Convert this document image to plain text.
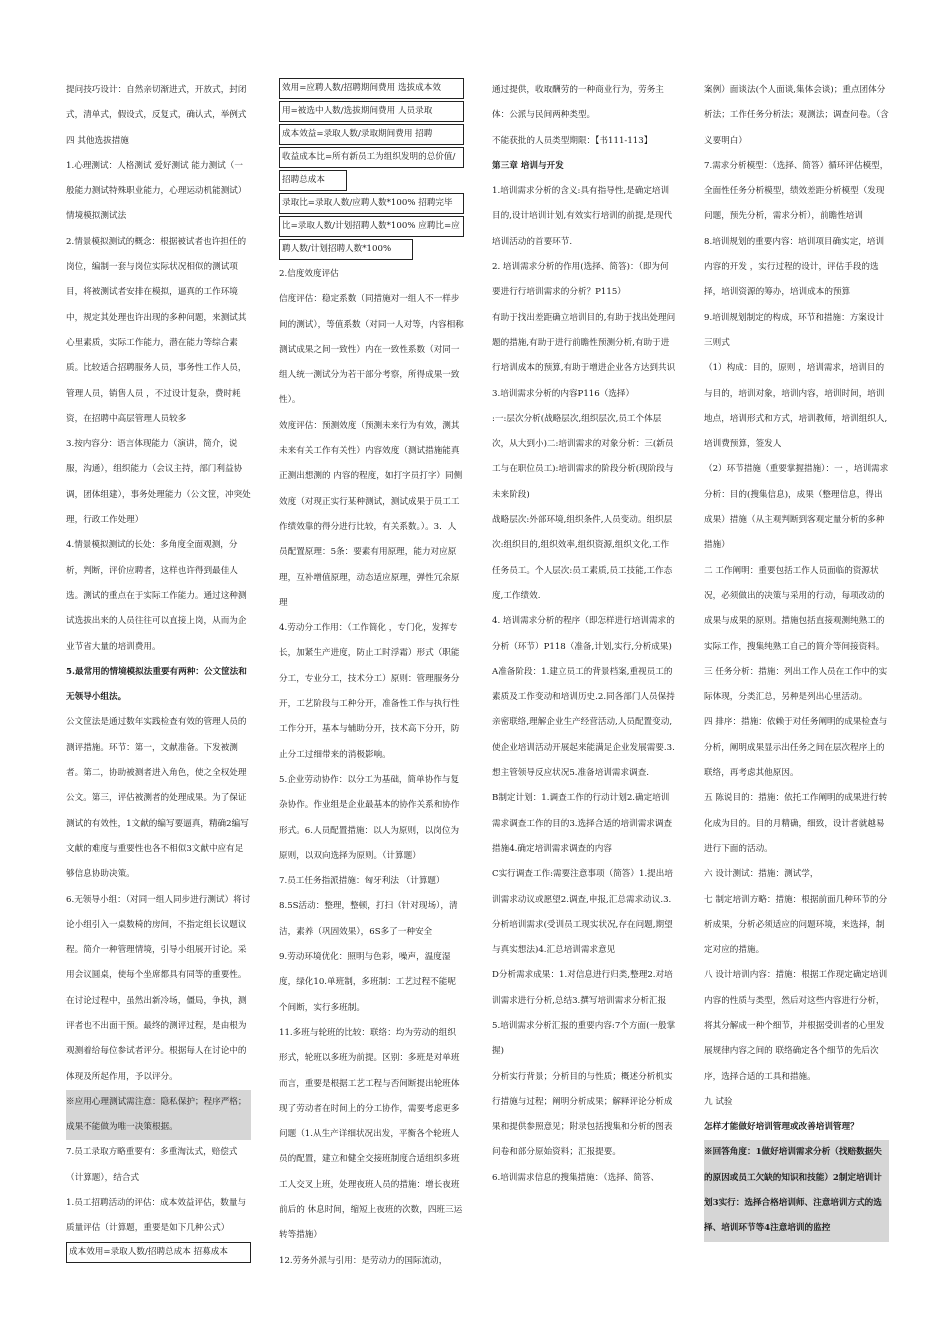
提问技巧设计：自然亲切渐进式，开放式，封闭式，清单式，假设式，反复式，确认式，举例式

四 其他选拔措施

1.心理测试：人格测试 爱好测试 能力测试（一般能力测试特殊职业能力，心理运动机能测试） 情境模拟测试法

2.情景模拟测试的概念：根据被试者也许担任的岗位，编制一套与岗位实际状况相似的测试项目，将被测试者安排在模拟，逼真的工作环境中，规定其处理也许出现的多种问题，来测试其心里素质，实际工作能力，潜在能力等综合素质。比较适合招聘服务人员，事务性工作人员，管理人员，销售人员 ，不过设计复杂，费时耗资，在招聘中高层管理人员较多

3.按内容分：语言体现能力（演讲，简介，说服，沟通），组织能力（会议主持，部门利益协调，团体组建），事务处理能力（公文筐，冲突处理，行政工作处理）

4.情景模拟测试的长处：多角度全面观测，分析，判断，评价应聘者，这样也许得到最佳人选。测试的重点在于实际工作能力。通过这种测试选拔出来的人员往往可以直接上岗，从而为企业节省大量的培训费用。

5.最常用的情境模拟法重要有两种：公文筐法和无领导小组法。

公文筐法是通过数年实践检查有效的管理人员的测评措施。环节：第一，文献准备。下发被测者。第二，协助被测者进入角色，使之全权处理公文。第三，评估被测者的处理成果。为了保证测试的有效性，1文献的编写要逼真，精确2编写文献的难度与重要性也各不相似3文献中应有足够信息协助决策。

6.无领导小组：（对同一组人同步进行测试）将讨论小组引入一桌数椅的房间，不指定组长议题议程。简介一种管理情境，引导小组展开讨论。采用会议圆桌，使每个坐席都具有同等的重要性。在讨论过程中，虽然出新冷场，僵局，争执，测评者也不出面干预。最终的测评过程，是由根为观测着给每位参试者评分。根据每人在讨论中的体现及所起作用，予以评分。

※应用心理测试需注意：隐私保护；程序严格；成果不能做为唯一决策根据。

7.员工录取方略重要有：多重淘汰式，赔偿式（计算题），结合式

1.员工招聘活动的评估：成本效益评估，数量与质量评估（计算题，重要是如下几种公式）

成本效用=录取人数/招聘总成本 招募成本
效用=应聘人数/招聘期间费用 选拔成本效
用=被选中人数/选拔期间费用 人员录取
成本效益=录取人数/录取期间费用 招聘
收益成本比=所有新员工为组织发明的总价值/
招聘总成本
录取比=录取人数/应聘人数*100% 招聘完毕
比=录取人数/计划招聘人数*100% 应聘比=应
聘人数/计划招聘人数*100%

2.信度效度评估

信度评估：稳定系数（同措施对一组人不一样步间的测试），等值系数（对同一人对等，内容相称测试成果之间一致性）内在一致性系数（对同一组人统一测试分为若干部分考察，所得成果一致性）。

效度评估：预测效度（预测未来行为有效，测其未来有关工作有关性）内容效度（测试措施能真正测出想测的 内容的程度，如打字员打字）同侧效度（对现正实行某种测试，测试成果于员工工作绩效靠的得分进行比较，有关系数。）。3．人员配置原理：5条：要素有用原理，能力对应原理，互补增值原理，动态适应原理，弹性冗余原理

4.劳动分工作用：（工作简化 ，专门化，发挥专长，加紧生产进度，防止工时浮霜）形式（职能分工，专业分工，技术分工）原则：管理服务分开，工艺阶段与工种分开，准备性工作与执行性工作分开，基本与辅助分开，技术高下分开，防止分工过细带来的消极影响。

5.企业劳动协作：以分工为基础，简单协作与复杂协作。作业组是企业最基本的协作关系和协作形式。6.人员配置措施：以人为原则，以岗位为原则，以双向选择为原则。（计算题）

7.员工任务指派措施：匈牙利法 （计算题）

8.5S活动：整理，整顿，打扫（针对现场），清洁，素养（巩固效果），6S多了一种安全

9.劳动环境优化：照明与色彩，噪声，温度湿度，绿化10.单班制，多班制：工艺过程不能呢个间断，实行多班制。

11.多班与轮班的比较：联络：均为劳动的组织形式，轮班以多班为前提。区别：多班是对单班而言，重要是根据工艺工程与否间断提出轮班体现了劳动者在时间上的分工协作，需要考虑更多问题（1.从生产详细状况出发，平衡各个轮班人员的配置，建立和健全交接班制度合适组织多班工人交叉上班，处理夜班人员的措施：增长夜班前后的 休息时间，缩短上夜班的次数，四班三运转等措施）

12.劳务外派与引用：是劳动力的国际流动，

通过提供，收取酬劳的一种商业行为，劳务主体：公派与民间两种类型。

不能获批的人员类型期限：【书111-113】

第三章 培训与开发

1.培训需求分析的含义:具有指导性,是确定培训目的,设计培训计划,有效实行培训的前提,是现代培训活动的首要环节.

2. 培训需求分析的作用(选择、简答)：（即为何要进行行培训需求的分析？P115）

有助于找出差距确立培训目的,有助于找出处理问题的措施,有助于进行前瞻性预测分析,有助于进行培训成本的预算,有助于增进企业各方达到共识

3.培训需求分析的内容P116（选择）

:一:层次分析(战略层次,组织层次,员工个体层次，从大到小)二:培训需求的对象分析：三(新员工与在职位员工):培训需求的阶段分析(现阶段与未来阶段)

战略层次:外部环境,组织条件,人员变动。组织层次:组织目的,组织效率,组织资源,组织文化,工作任务员工。个人层次:员工素质,员工技能,工作态度,工作绩效.

4. 培训需求分析的程序（即怎样进行培训需求的分析（环节）P118（准备,计划,实行,分析成果)

A准备阶段：1.建立员工的背景档案,重视员工的素质及工作变动和培训历史.2.同各部门人员保持亲密联络,理解企业生产经营活动,人员配置变动,使企业培训活动开展起来能满足企业发展需要.3.想主管领导反应状况5.准备培训需求调查.

B制定计划：1.调查工作的行动计划2.确定培训需求调查工作的目的3.选择合适的培训需求调查措施4.确定培训需求调查的内容

C实行调查工作:需要注意事项（简答）1.提出培训需求动议或愿望2.调查,申报,汇总需求动议.3.分析培训需求(受训员工现实状况,存在问题,期望与真实想法)4.汇总培训需求意见

D分析需求成果：1.对信息进行归类,整理2.对培训需求进行分析,总结3.撰写培训需求分析汇报

5.培训需求分析汇报的重要内容:7个方面(一般掌握)

分析实行背景；分析目的与性质；概述分析机实行措施与过程；阐明分析成果；解释评论分析成果和提供参照意见；附录包括搜集和分析的图表问卷和部分原始资料；汇报提要。

6.培训需求信息的搜集措施：（选择、简答、

案例）面谈法(个人面谈,集体会谈)；重点团体分析法；工作任务分析法；观测法；调查问卷。（含义要明白）

7.需求分析模型：（选择、简答）循环评估模型，全面性任务分析模型，绩效差距分析模型（发现问题，预先分析，需求分析），前瞻性培训

8.培训规划的重要内容：培训项目确实定，培训内容的开发 ，实行过程的设计，评估手段的选择，培训资源的筹办，培训成本的预算

9.培训规划制定的构成，环节和措施：方案设计三则式

（1）构成：目的，原则 ，培训需求，培训目的与目的，培训对象，培训内容，培训时间，培训地点，培训形式和方式，培训教师，培训组织人,培训费预算，签发人

（2）环节措施（重要掌握措施）：一 ，培训需求分析：目的(搜集信息)，成果（整理信息，得出成果）措施（从主观判断到客观定量分析的多种措施）

二 工作阐明：重要包括工作人员面临的资源状况，必须做出的决策与采用的行动，每项改动的成果与成果的原则。措施包括直接观测纯熟工的实际工作，搜集纯熟工自己的简介等间接资料。

三 任务分析：措施：列出工作人员在工作中的实际体现，分类汇总，另种是列出心里活动。

四 排序：措施：依赖于对任务阐明的成果检查与分析，阐明成果显示出任务之间在层次程序上的联络，再考虑其他原因。

五 陈说目的：措施：依托工作阐明的成果进行转化成为目的。目的月精确，细致，设计者就越易进行下面的活动。

六 设计测试：措施：测试学，

七 制定培训方略：措施：根据前面几种环节的分析成果，分析必须适应的问题环境，来选择，制定对应的措施。

八 设计培训内容：措施：根据工作现定确定培训内容的性质与类型，然后对这些内容进行分析，将其分解成一种个细节，并根据受训者的心里发展规律内容之间的 联络确定各个细节的先后次序，选择合适的工具和措施。

九 试验

怎样才能做好培训管理或改善培训管理？

※回答角度：1做好培训需求分析（找赔数据失的原因或员工欠缺的知识和技能）2制定培训计划3实行：选择合格培训师、注意培训方式的选择、培训环节等4注意培训的监控
